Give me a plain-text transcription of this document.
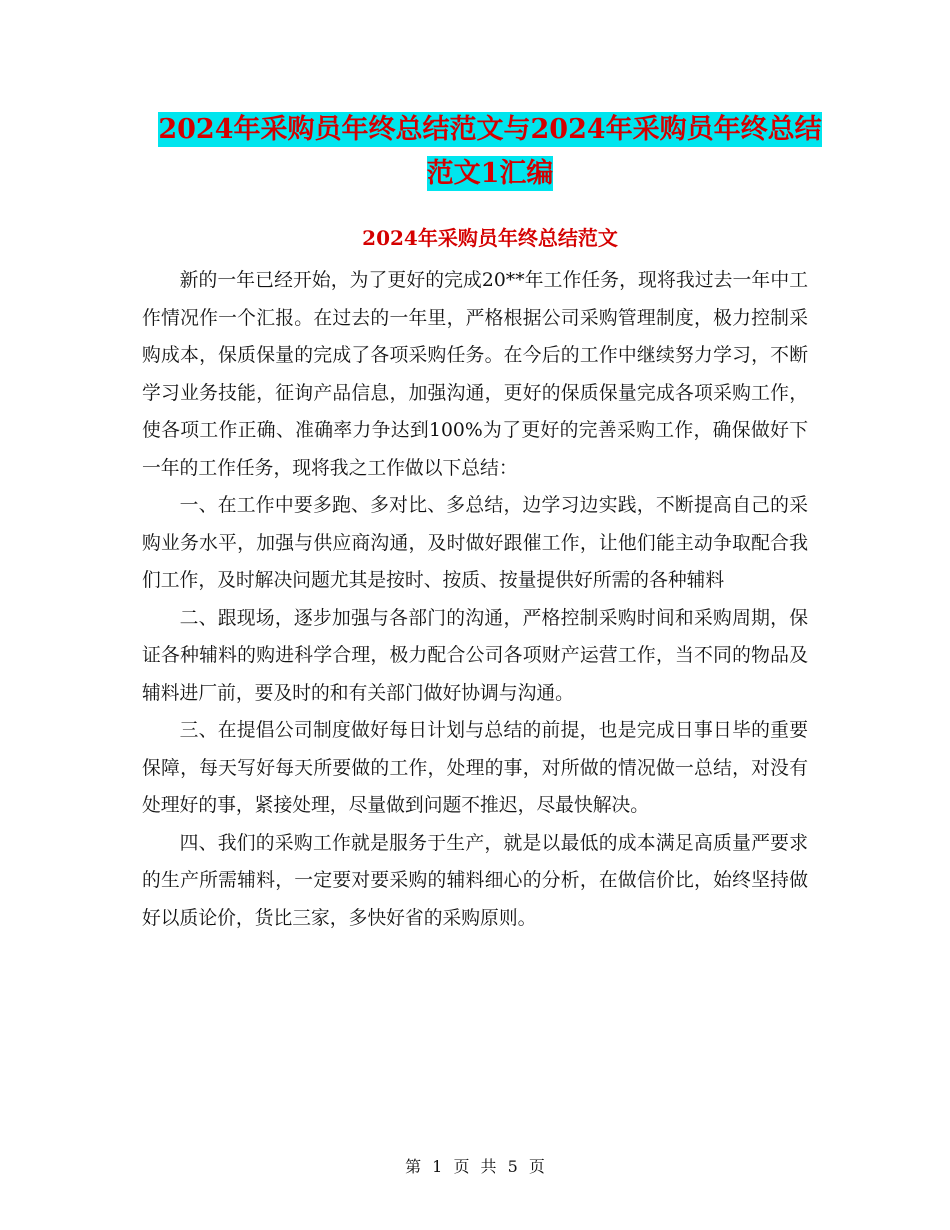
2024年采购员年终总结范文与2024年采购员年终总结
范文1汇编
2024年采购员年终总结范文

新的一年已经开始，为了更好的完成20**年工作任务，现将我过去一年中工作情况作一个汇报。在过去的一年里，严格根据公司采购管理制度，极力控制采购成本，保质保量的完成了各项采购任务。在今后的工作中继续努力学习，不断学习业务技能，征询产品信息，加强沟通，更好的保质保量完成各项采购工作，使各项工作正确、准确率力争达到100%为了更好的完善采购工作，确保做好下一年的工作任务，现将我之工作做以下总结：

一、在工作中要多跑、多对比、多总结，边学习边实践，不断提高自己的采购业务水平，加强与供应商沟通，及时做好跟催工作，让他们能主动争取配合我们工作，及时解决问题尤其是按时、按质、按量提供好所需的各种辅料

二、跟现场，逐步加强与各部门的沟通，严格控制采购时间和采购周期，保证各种辅料的购进科学合理，极力配合公司各项财产运营工作，当不同的物品及辅料进厂前，要及时的和有关部门做好协调与沟通。

三、在提倡公司制度做好每日计划与总结的前提，也是完成日事日毕的重要保障，每天写好每天所要做的工作，处理的事，对所做的情况做一总结，对没有处理好的事，紧接处理，尽量做到问题不推迟，尽最快解决。

四、我们的采购工作就是服务于生产，就是以最低的成本满足高质量严要求的生产所需辅料，一定要对要采购的辅料细心的分析，在做信价比，始终坚持做好以质论价，货比三家，多快好省的采购原则。

第 1 页 共 5 页
